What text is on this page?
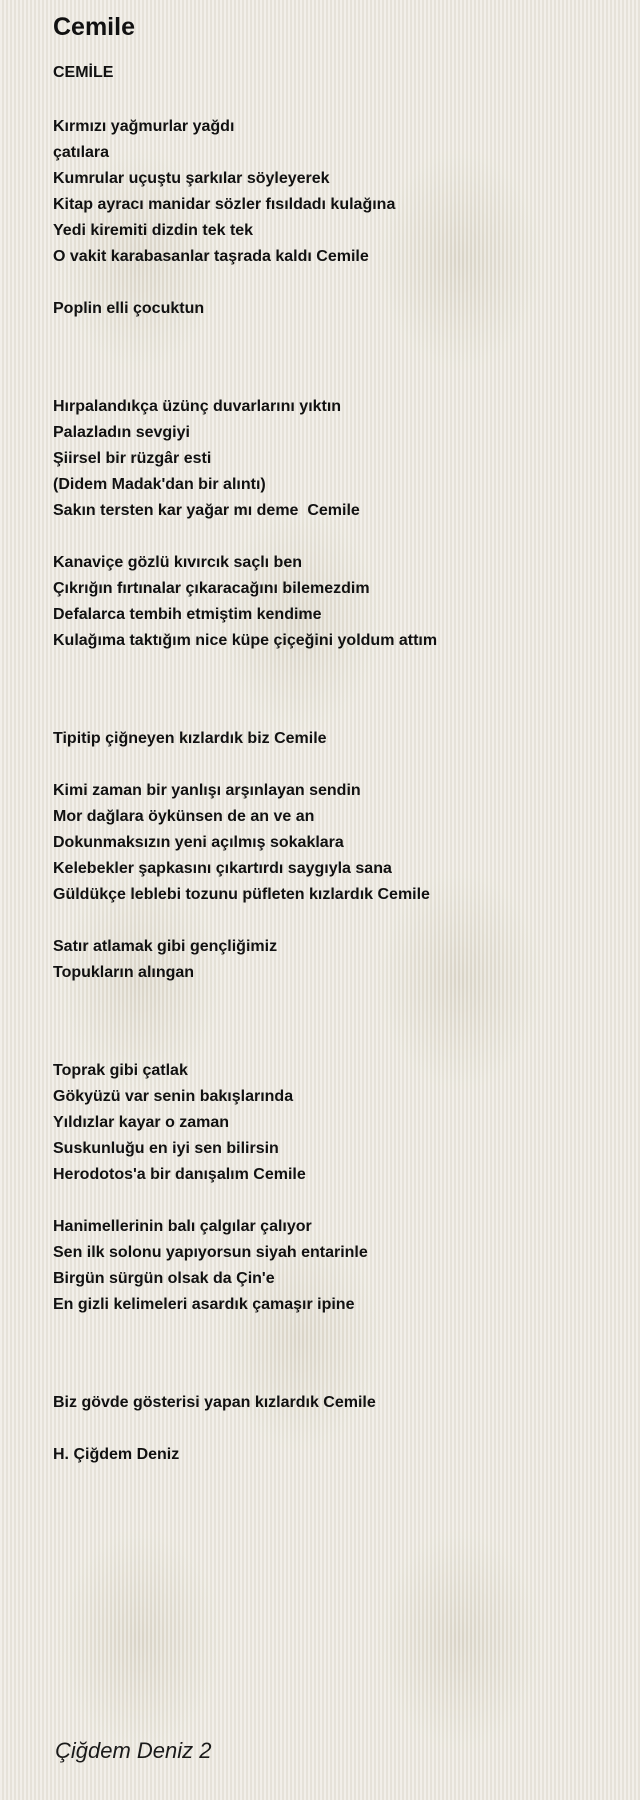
Cemile
CEMİLE
Kırmızı yağmurlar yağdı
çatılara
Kumrular uçuştu şarkılar söyleyerek
Kitap ayracı manidar sözler fısıldadı kulağına
Yedi kiremiti dizdin tek tek
O vakit karabasanlar taşrada kaldı Cemile
Poplin elli çocuktun
Hırpalandıkça üzünç duvarlarını yıktın
Palazladın sevgiyi
Şiirsel bir rüzgâr esti
(Didem Madak'dan bir alıntı)
Sakın tersten kar yağar mı deme  Cemile
Kanaviçe gözlü kıvırcık saçlı ben
Çıkrığın fırtınalar çıkaracağını bilemezdim
Defalarca tembih etmiştim kendime
Kulağıma taktığım nice küpe çiçeğini yoldum attım
Tipitip çiğneyen kızlardık biz Cemile
Kimi zaman bir yanlışı arşınlayan sendin
Mor dağlara öykünsen de an ve an
Dokunmaksızın yeni açılmış sokaklara
Kelebekler şapkasını çıkartırdı saygıyla sana
Güldükçe leblebi tozunu püfleten kızlardık Cemile
Satır atlamak gibi gençliğimiz
Topukların alıngan
Toprak gibi çatlak
Gökyüzü var senin bakışlarında
Yıldızlar kayar o zaman
Suskunluğu en iyi sen bilirsin
Herodotos'a bir danışalım Cemile
Hanimellerinin balı çalgılar çalıyor
Sen ilk solonu yapıyorsun siyah entarinle
Birgün sürgün olsak da Çin'e
En gizli kelimeleri asardık çamaşır ipine
Biz gövde gösterisi yapan kızlardık Cemile
H. Çiğdem Deniz
Çiğdem Deniz 2
